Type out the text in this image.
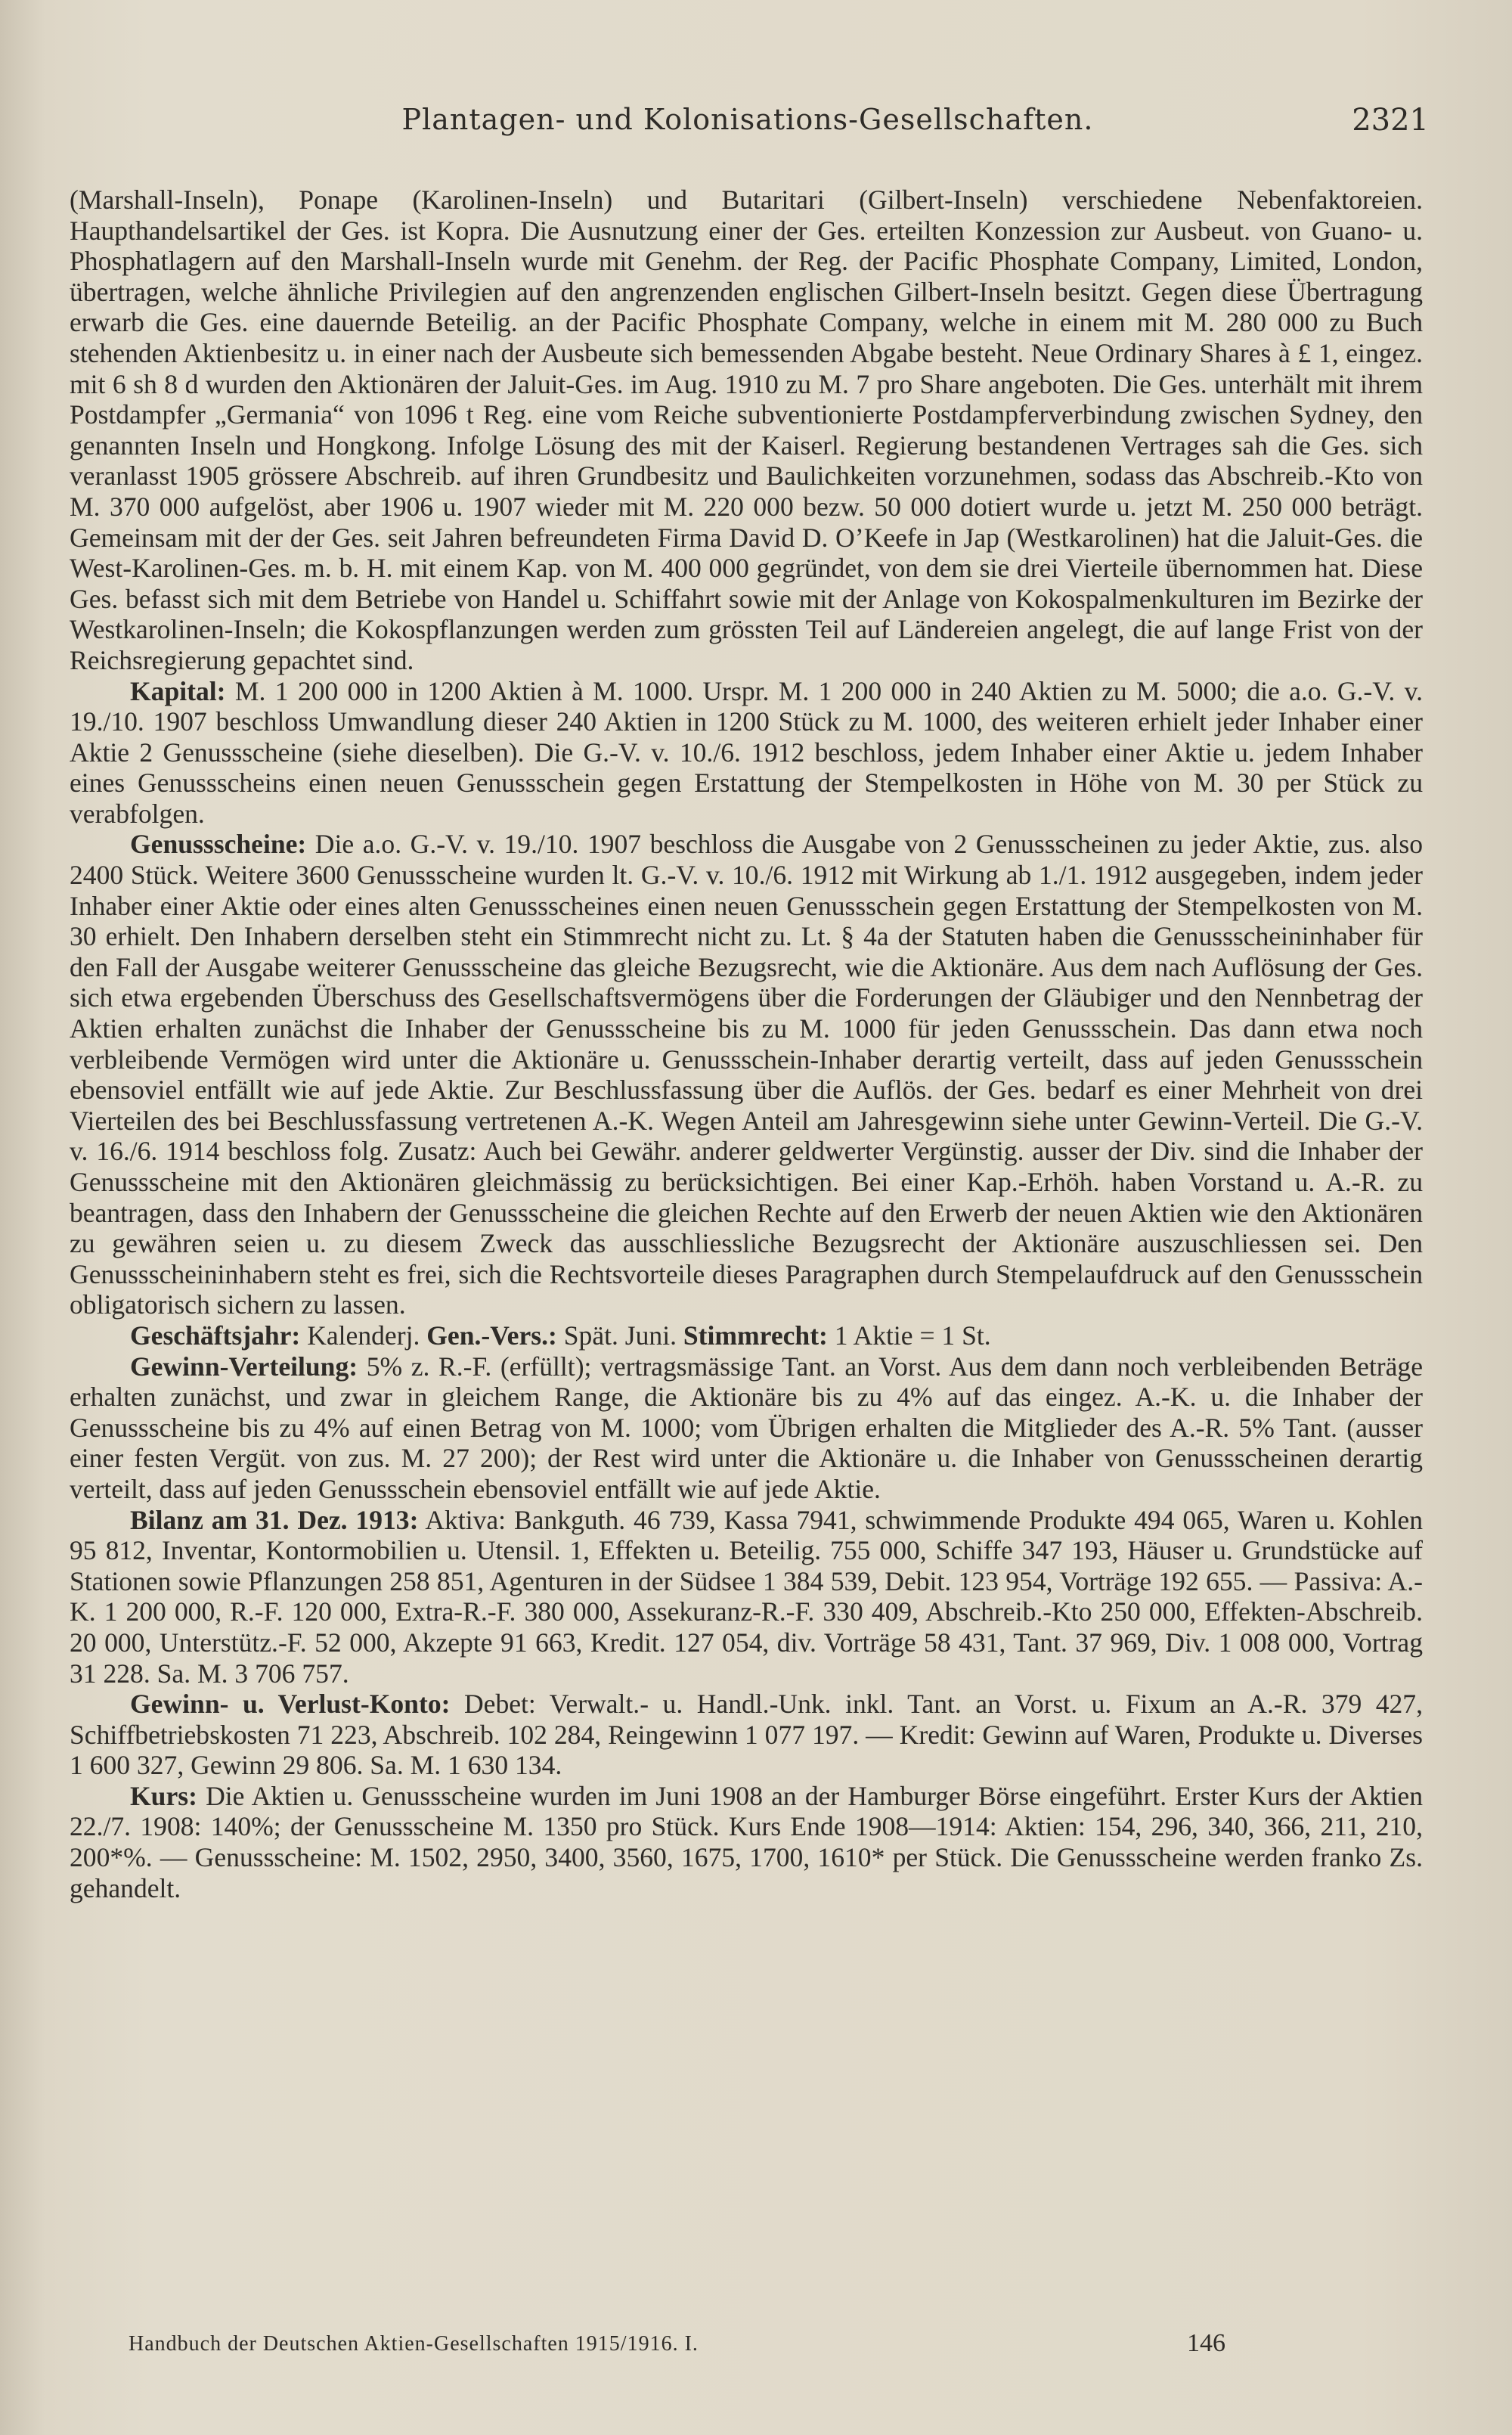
Plantagen- und Kolonisations-Gesellschaften.	2321

(Marshall-Inseln), Ponape (Karolinen-Inseln) und Butaritari (Gilbert-Inseln) verschiedene Nebenfaktoreien. Haupthandelsartikel der Ges. ist Kopra. Die Ausnutzung einer der Ges. erteilten Konzession zur Ausbeut. von Guano- u. Phosphatlagern auf den Marshall-Inseln wurde mit Genehm. der Reg. der Pacific Phosphate Company, Limited, London, übertragen, welche ähnliche Privilegien auf den angrenzenden englischen Gilbert-Inseln besitzt. Gegen diese Übertragung erwarb die Ges. eine dauernde Beteilig. an der Pacific Phosphate Company, welche in einem mit M. 280 000 zu Buch stehenden Aktienbesitz u. in einer nach der Ausbeute sich bemessenden Abgabe besteht. Neue Ordinary Shares à £ 1, eingez. mit 6 sh 8 d wurden den Aktionären der Jaluit-Ges. im Aug. 1910 zu M. 7 pro Share angeboten. Die Ges. unterhält mit ihrem Postdampfer „Germania“ von 1096 t Reg. eine vom Reiche subventionierte Postdampferverbindung zwischen Sydney, den genannten Inseln und Hongkong. Infolge Lösung des mit der Kaiserl. Regierung bestandenen Vertrages sah die Ges. sich veranlasst 1905 grössere Abschreib. auf ihren Grundbesitz und Baulichkeiten vorzunehmen, sodass das Abschreib.-Kto von M. 370 000 aufgelöst, aber 1906 u. 1907 wieder mit M. 220 000 bezw. 50 000 dotiert wurde u. jetzt M. 250 000 beträgt. Gemeinsam mit der der Ges. seit Jahren befreundeten Firma David D. O’Keefe in Jap (Westkarolinen) hat die Jaluit-Ges. die West-Karolinen-Ges. m. b. H. mit einem Kap. von M. 400 000 gegründet, von dem sie drei Vierteile übernommen hat. Diese Ges. befasst sich mit dem Betriebe von Handel u. Schiffahrt sowie mit der Anlage von Kokospalmenkulturen im Bezirke der Westkarolinen-Inseln; die Kokospflanzungen werden zum grössten Teil auf Ländereien angelegt, die auf lange Frist von der Reichsregierung gepachtet sind.

Kapital: M. 1 200 000 in 1200 Aktien à M. 1000. Urspr. M. 1 200 000 in 240 Aktien zu M. 5000; die a.o. G.-V. v. 19./10. 1907 beschloss Umwandlung dieser 240 Aktien in 1200 Stück zu M. 1000, des weiteren erhielt jeder Inhaber einer Aktie 2 Genussscheine (siehe dieselben). Die G.-V. v. 10./6. 1912 beschloss, jedem Inhaber einer Aktie u. jedem Inhaber eines Genussscheins einen neuen Genussschein gegen Erstattung der Stempelkosten in Höhe von M. 30 per Stück zu verabfolgen.

Genussscheine: Die a.o. G.-V. v. 19./10. 1907 beschloss die Ausgabe von 2 Genussscheinen zu jeder Aktie, zus. also 2400 Stück. Weitere 3600 Genussscheine wurden lt. G.-V. v. 10./6. 1912 mit Wirkung ab 1./1. 1912 ausgegeben, indem jeder Inhaber einer Aktie oder eines alten Genussscheines einen neuen Genussschein gegen Erstattung der Stempelkosten von M. 30 erhielt. Den Inhabern derselben steht ein Stimmrecht nicht zu. Lt. § 4a der Statuten haben die Genussscheininhaber für den Fall der Ausgabe weiterer Genussscheine das gleiche Bezugsrecht, wie die Aktionäre. Aus dem nach Auflösung der Ges. sich etwa ergebenden Überschuss des Gesellschaftsvermögens über die Forderungen der Gläubiger und den Nennbetrag der Aktien erhalten zunächst die Inhaber der Genussscheine bis zu M. 1000 für jeden Genussschein. Das dann etwa noch verbleibende Vermögen wird unter die Aktionäre u. Genussschein-Inhaber derartig verteilt, dass auf jeden Genussschein ebensoviel entfällt wie auf jede Aktie. Zur Beschlussfassung über die Auflös. der Ges. bedarf es einer Mehrheit von drei Vierteilen des bei Beschlussfassung vertretenen A.-K. Wegen Anteil am Jahresgewinn siehe unter Gewinn-Verteil. Die G.-V. v. 16./6. 1914 beschloss folg. Zusatz: Auch bei Gewähr. anderer geldwerter Vergünstig. ausser der Div. sind die Inhaber der Genussscheine mit den Aktionären gleichmässig zu berücksichtigen. Bei einer Kap.-Erhöh. haben Vorstand u. A.-R. zu beantragen, dass den Inhabern der Genussscheine die gleichen Rechte auf den Erwerb der neuen Aktien wie den Aktionären zu gewähren seien u. zu diesem Zweck das ausschliessliche Bezugsrecht der Aktionäre auszuschliessen sei. Den Genussscheininhabern steht es frei, sich die Rechtsvorteile dieses Paragraphen durch Stempelaufdruck auf den Genussschein obligatorisch sichern zu lassen.

Geschäftsjahr: Kalenderj. Gen.-Vers.: Spät. Juni. Stimmrecht: 1 Aktie = 1 St.

Gewinn-Verteilung: 5% z. R.-F. (erfüllt); vertragsmässige Tant. an Vorst. Aus dem dann noch verbleibenden Beträge erhalten zunächst, und zwar in gleichem Range, die Aktionäre bis zu 4% auf das eingez. A.-K. u. die Inhaber der Genussscheine bis zu 4% auf einen Betrag von M. 1000; vom Übrigen erhalten die Mitglieder des A.-R. 5% Tant. (ausser einer festen Vergüt. von zus. M. 27 200); der Rest wird unter die Aktionäre u. die Inhaber von Genussscheinen derartig verteilt, dass auf jeden Genussschein ebensoviel entfällt wie auf jede Aktie.

Bilanz am 31. Dez. 1913: Aktiva: Bankguth. 46 739, Kassa 7941, schwimmende Produkte 494 065, Waren u. Kohlen 95 812, Inventar, Kontormobilien u. Utensil. 1, Effekten u. Beteilig. 755 000, Schiffe 347 193, Häuser u. Grundstücke auf Stationen sowie Pflanzungen 258 851, Agenturen in der Südsee 1 384 539, Debit. 123 954, Vorträge 192 655. — Passiva: A.-K. 1 200 000, R.-F. 120 000, Extra-R.-F. 380 000, Assekuranz-R.-F. 330 409, Abschreib.-Kto 250 000, Effekten-Abschreib. 20 000, Unterstütz.-F. 52 000, Akzepte 91 663, Kredit. 127 054, div. Vorträge 58 431, Tant. 37 969, Div. 1 008 000, Vortrag 31 228. Sa. M. 3 706 757.

Gewinn- u. Verlust-Konto: Debet: Verwalt.- u. Handl.-Unk. inkl. Tant. an Vorst. u. Fixum an A.-R. 379 427, Schiffbetriebskosten 71 223, Abschreib. 102 284, Reingewinn 1 077 197. — Kredit: Gewinn auf Waren, Produkte u. Diverses 1 600 327, Gewinn 29 806. Sa. M. 1 630 134.

Kurs: Die Aktien u. Genussscheine wurden im Juni 1908 an der Hamburger Börse eingeführt. Erster Kurs der Aktien 22./7. 1908: 140%; der Genussscheine M. 1350 pro Stück. Kurs Ende 1908—1914: Aktien: 154, 296, 340, 366, 211, 210, 200*%. — Genussscheine: M. 1502, 2950, 3400, 3560, 1675, 1700, 1610* per Stück. Die Genussscheine werden franko Zs. gehandelt.

Handbuch der Deutschen Aktien-Gesellschaften 1915/1916. I.	146
